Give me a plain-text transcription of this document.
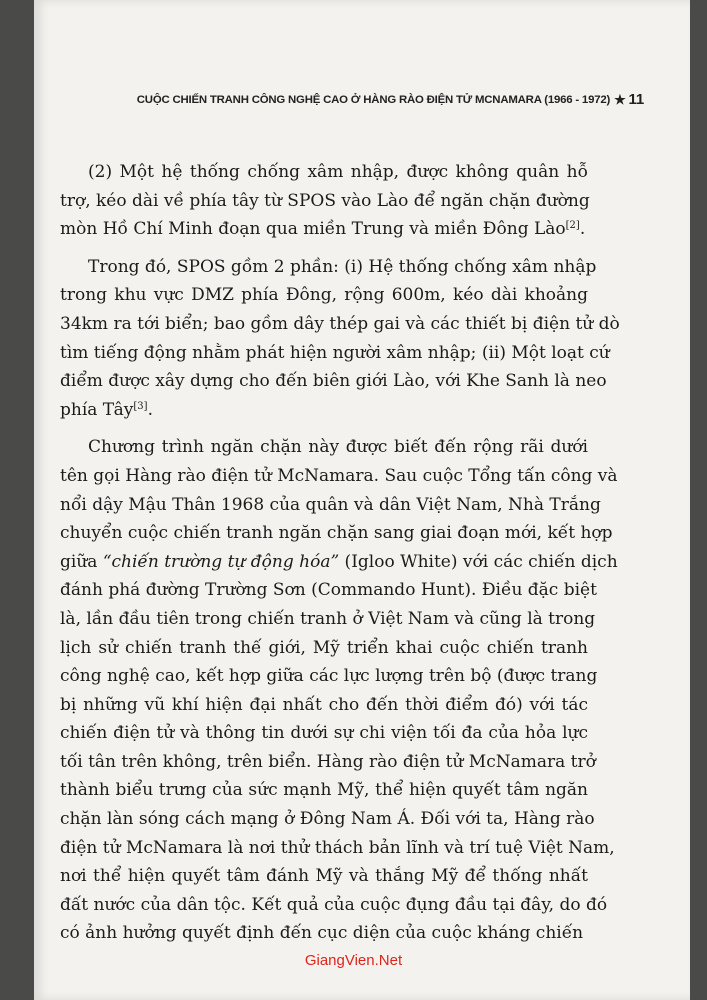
CUỘC CHIẾN TRANH CÔNG NGHỆ CAO Ở HÀNG RÀO ĐIỆN TỬ MCNAMARA (1966 - 1972) ★ 11
(2) Một hệ thống chống xâm nhập, được không quân hỗ
trợ, kéo dài về phía tây từ SPOS vào Lào để ngăn chặn đường
mòn Hồ Chí Minh đoạn qua miền Trung và miền Đông Lào[2].
Trong đó, SPOS gồm 2 phần: (i) Hệ thống chống xâm nhập
trong khu vực DMZ phía Đông, rộng 600m, kéo dài khoảng
34km ra tới biển; bao gồm dây thép gai và các thiết bị điện tử dò
tìm tiếng động nhằm phát hiện người xâm nhập; (ii) Một loạt cứ
điểm được xây dựng cho đến biên giới Lào, với Khe Sanh là neo
phía Tây[3].
Chương trình ngăn chặn này được biết đến rộng rãi dưới
tên gọi Hàng rào điện tử McNamara. Sau cuộc Tổng tấn công và
nổi dậy Mậu Thân 1968 của quân và dân Việt Nam, Nhà Trắng
chuyển cuộc chiến tranh ngăn chặn sang giai đoạn mới, kết hợp
giữa “chiến trường tự động hóa” (Igloo White) với các chiến dịch
đánh phá đường Trường Sơn (Commando Hunt). Điều đặc biệt
là, lần đầu tiên trong chiến tranh ở Việt Nam và cũng là trong
lịch sử chiến tranh thế giới, Mỹ triển khai cuộc chiến tranh
công nghệ cao, kết hợp giữa các lực lượng trên bộ (được trang
bị những vũ khí hiện đại nhất cho đến thời điểm đó) với tác
chiến điện tử và thông tin dưới sự chi viện tối đa của hỏa lực
tối tân trên không, trên biển. Hàng rào điện tử McNamara trở
thành biểu trưng của sức mạnh Mỹ, thể hiện quyết tâm ngăn
chặn làn sóng cách mạng ở Đông Nam Á. Đối với ta, Hàng rào
điện tử McNamara là nơi thử thách bản lĩnh và trí tuệ Việt Nam,
nơi thể hiện quyết tâm đánh Mỹ và thắng Mỹ để thống nhất
đất nước của dân tộc. Kết quả của cuộc đụng đầu tại đây, do đó
có ảnh hưởng quyết định đến cục diện của cuộc kháng chiến
GiangVien.Net
